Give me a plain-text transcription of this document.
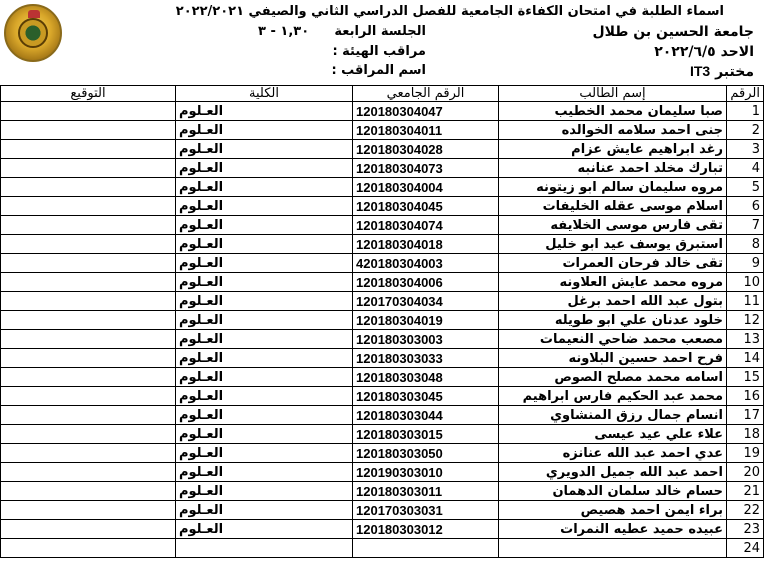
اسماء الطلبة في امتحان الكفاءة الجامعية للفصل الدراسي الثاني والصيفي ٢٠٢٢/٢٠٢١
جامعة الحسين بن طلال
الجلسة الرابعة
١,٣٠ - ٣
الاحد ٢٠٢٢/٦/٥
مراقب الهيئة :
مختبر IT3
اسم المراقب :
الرقم	إسم الطالب	الرقم الجامعي	الكلية	التوقيع
1	صبا سليمان محمد الخطيب	120180304047	العـلوم	
2	جنى احمد سلامه الخوالده	120180304011	العـلوم	
3	رغد ابراهيم عايش عزام	120180304028	العـلوم	
4	تبارك مخلد احمد عنانبه	120180304073	العـلوم	
5	مروه سليمان سالم ابو زيتونه	120180304004	العـلوم	
6	اسلام موسى عقله الخليفات	120180304045	العـلوم	
7	تقى فارس موسى الخلايفه	120180304074	العـلوم	
8	استبرق يوسف عيد ابو خليل	120180304018	العـلوم	
9	تقى خالد فرحان العمرات	420180304003	العـلوم	
10	مروه محمد عايش العلاونه	120180304006	العـلوم	
11	بتول عبد الله احمد برغل	120170304034	العـلوم	
12	خلود عدنان علي ابو طويله	120180304019	العـلوم	
13	مصعب محمد ضاحي النعيمات	120180303003	العـلوم	
14	فرح احمد حسين البلاونه	120180303033	العـلوم	
15	اسامه محمد مصلح الصوص	120180303048	العـلوم	
16	محمد عبد الحكيم فارس ابراهيم	120180303045	العـلوم	
17	انسام جمال رزق المنشاوي	120180303044	العـلوم	
18	علاء علي عيد عيسى	120180303015	العـلوم	
19	عدي احمد عبد الله عنانزه	120180303050	العـلوم	
20	احمد عبد الله جميل الدويري	120190303010	العـلوم	
21	حسام خالد سلمان الدهمان	120180303011	العـلوم	
22	براء ايمن احمد هصيص	120170303031	العـلوم	
23	عبيده حميد عطيه النمرات	120180303012	العـلوم	
24				
